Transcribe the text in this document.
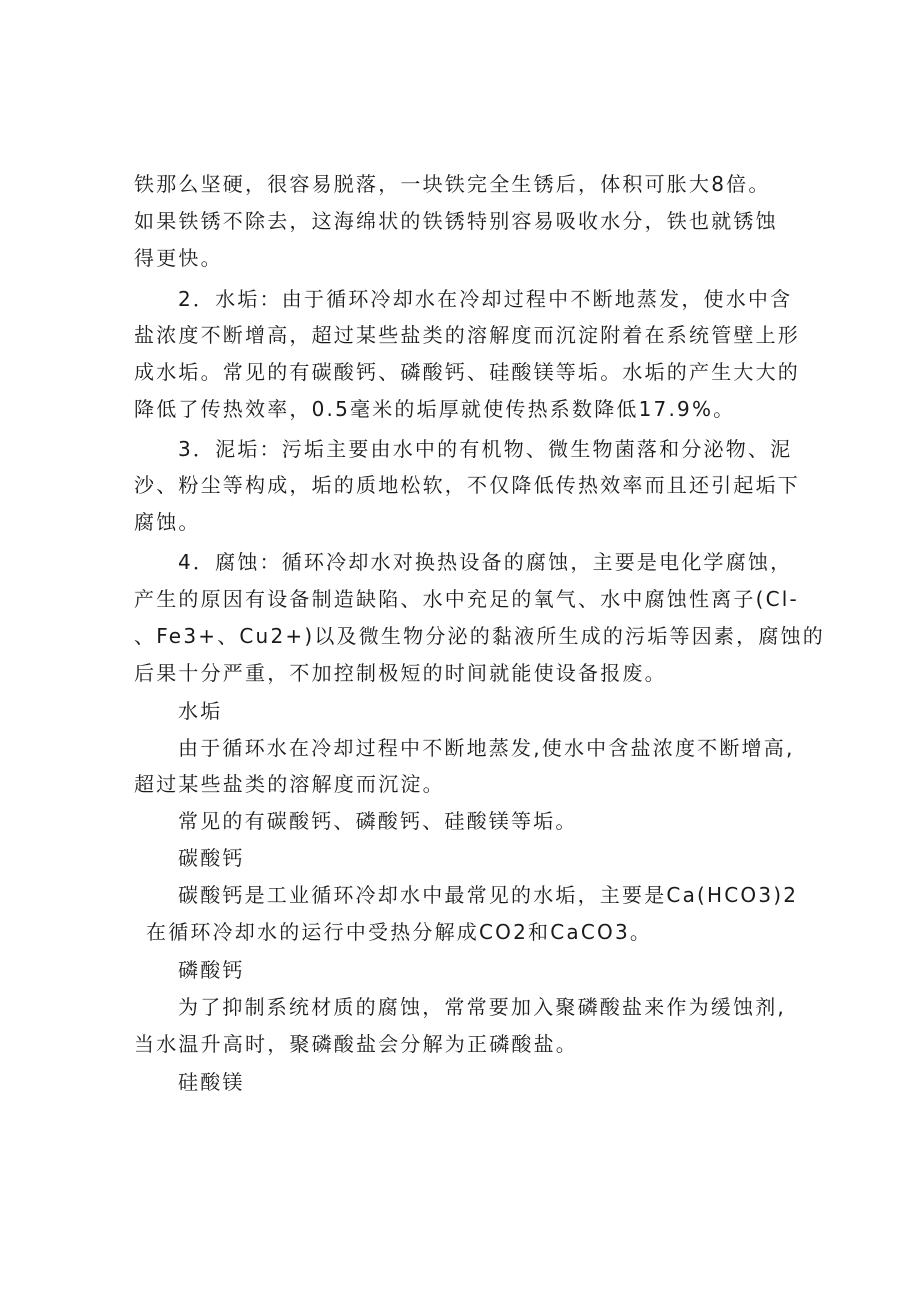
铁那么坚硬，很容易脱落，一块铁完全生锈后，体积可胀大8倍。

如果铁锈不除去，这海绵状的铁锈特别容易吸收水分，铁也就锈蚀

得更快。

2．水垢：由于循环冷却水在冷却过程中不断地蒸发，使水中含

盐浓度不断增高，超过某些盐类的溶解度而沉淀附着在系统管壁上形

成水垢。常见的有碳酸钙、磷酸钙、硅酸镁等垢。水垢的产生大大的

降低了传热效率，0.5毫米的垢厚就使传热系数降低17.9%。

3．泥垢：污垢主要由水中的有机物、微生物菌落和分泌物、泥

沙、粉尘等构成，垢的质地松软，不仅降低传热效率而且还引起垢下

腐蚀。

4．腐蚀：循环冷却水对换热设备的腐蚀，主要是电化学腐蚀，

产生的原因有设备制造缺陷、水中充足的氧气、水中腐蚀性离子(Cl-

、Fe3+、Cu2+)以及微生物分泌的黏液所生成的污垢等因素，腐蚀的

后果十分严重，不加控制极短的时间就能使设备报废。

水垢

由于循环水在冷却过程中不断地蒸发,使水中含盐浓度不断增高,

超过某些盐类的溶解度而沉淀。

常见的有碳酸钙、磷酸钙、硅酸镁等垢。

碳酸钙

碳酸钙是工业循环冷却水中最常见的水垢，主要是Ca(HCO3)2

在循环冷却水的运行中受热分解成CO2和CaCO3。

磷酸钙

为了抑制系统材质的腐蚀，常常要加入聚磷酸盐来作为缓蚀剂,

当水温升高时，聚磷酸盐会分解为正磷酸盐。

硅酸镁
